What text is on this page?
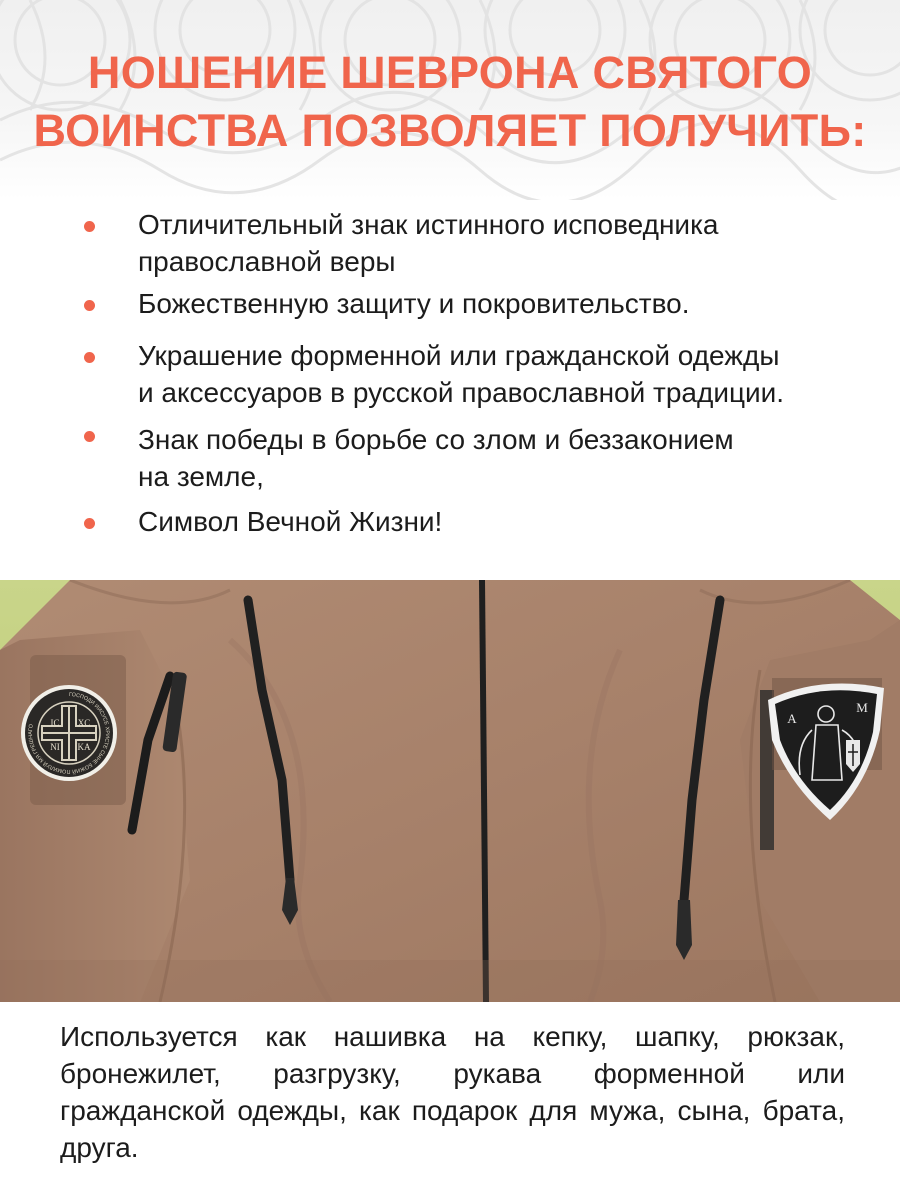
НОШЕНИЕ ШЕВРОНА СВЯТОГО
ВОИНСТВА ПОЗВОЛЯЕТ ПОЛУЧИТЬ:
Отличительный знак истинного исповедника
православной веры
Божественную защиту и покровительство.
Украшение форменной или гражданской одежды
и аксессуаров в русской православной традиции.
Знак победы в борьбе со злом и беззаконием
на земле,
Символ Вечной Жизни!
IC XC
NI KA
ГОСПОДИ ИИСУСЕ ХРИСТЕ СЫНЕ БОЖИЙ ПОМИЛУЙ МЯ ГРЕШНАГО
А
М
Используется как нашивка на кепку, шапку, рюкзак,
бронежилет, разгрузку, рукава форменной или
гражданской одежды, как подарок для мужа, сына, брата,
друга.
